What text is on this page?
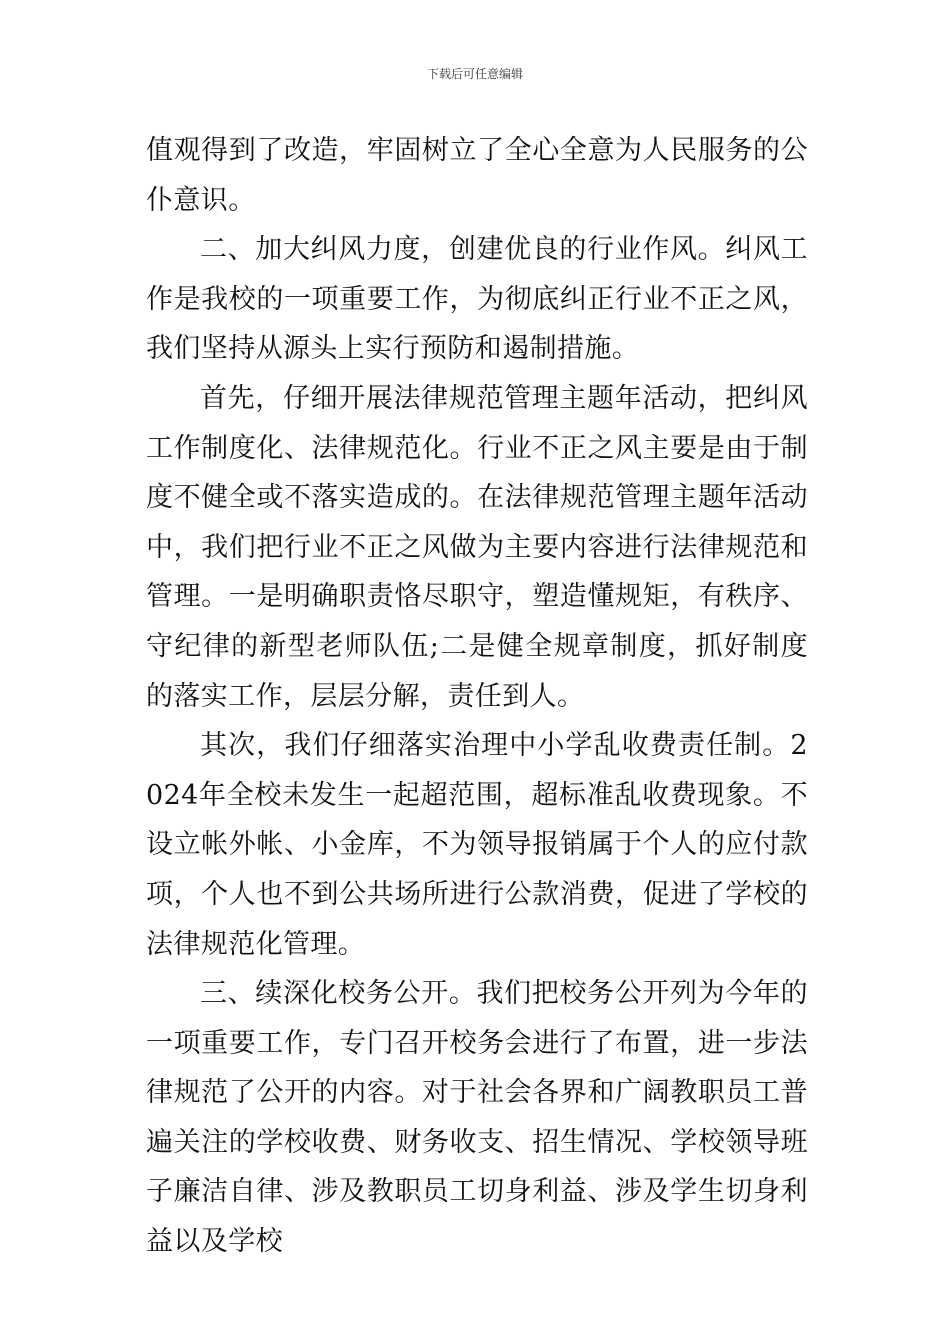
下载后可任意编辑

值观得到了改造，牢固树立了全心全意为人民服务的公仆意识。

二、加大纠风力度，创建优良的行业作风。纠风工作是我校的一项重要工作，为彻底纠正行业不正之风，我们坚持从源头上实行预防和遏制措施。

首先，仔细开展法律规范管理主题年活动，把纠风工作制度化、法律规范化。行业不正之风主要是由于制度不健全或不落实造成的。在法律规范管理主题年活动中，我们把行业不正之风做为主要内容进行法律规范和管理。一是明确职责恪尽职守，塑造懂规矩，有秩序、守纪律的新型老师队伍;二是健全规章制度，抓好制度的落实工作，层层分解，责任到人。

其次，我们仔细落实治理中小学乱收费责任制。2024年全校未发生一起超范围，超标准乱收费现象。不设立帐外帐、小金库，不为领导报销属于个人的应付款项，个人也不到公共场所进行公款消费，促进了学校的法律规范化管理。

三、续深化校务公开。我们把校务公开列为今年的一项重要工作，专门召开校务会进行了布置，进一步法律规范了公开的内容。对于社会各界和广阔教职员工普遍关注的学校收费、财务收支、招生情况、学校领导班子廉洁自律、涉及教职员工切身利益、涉及学生切身利益以及学校
